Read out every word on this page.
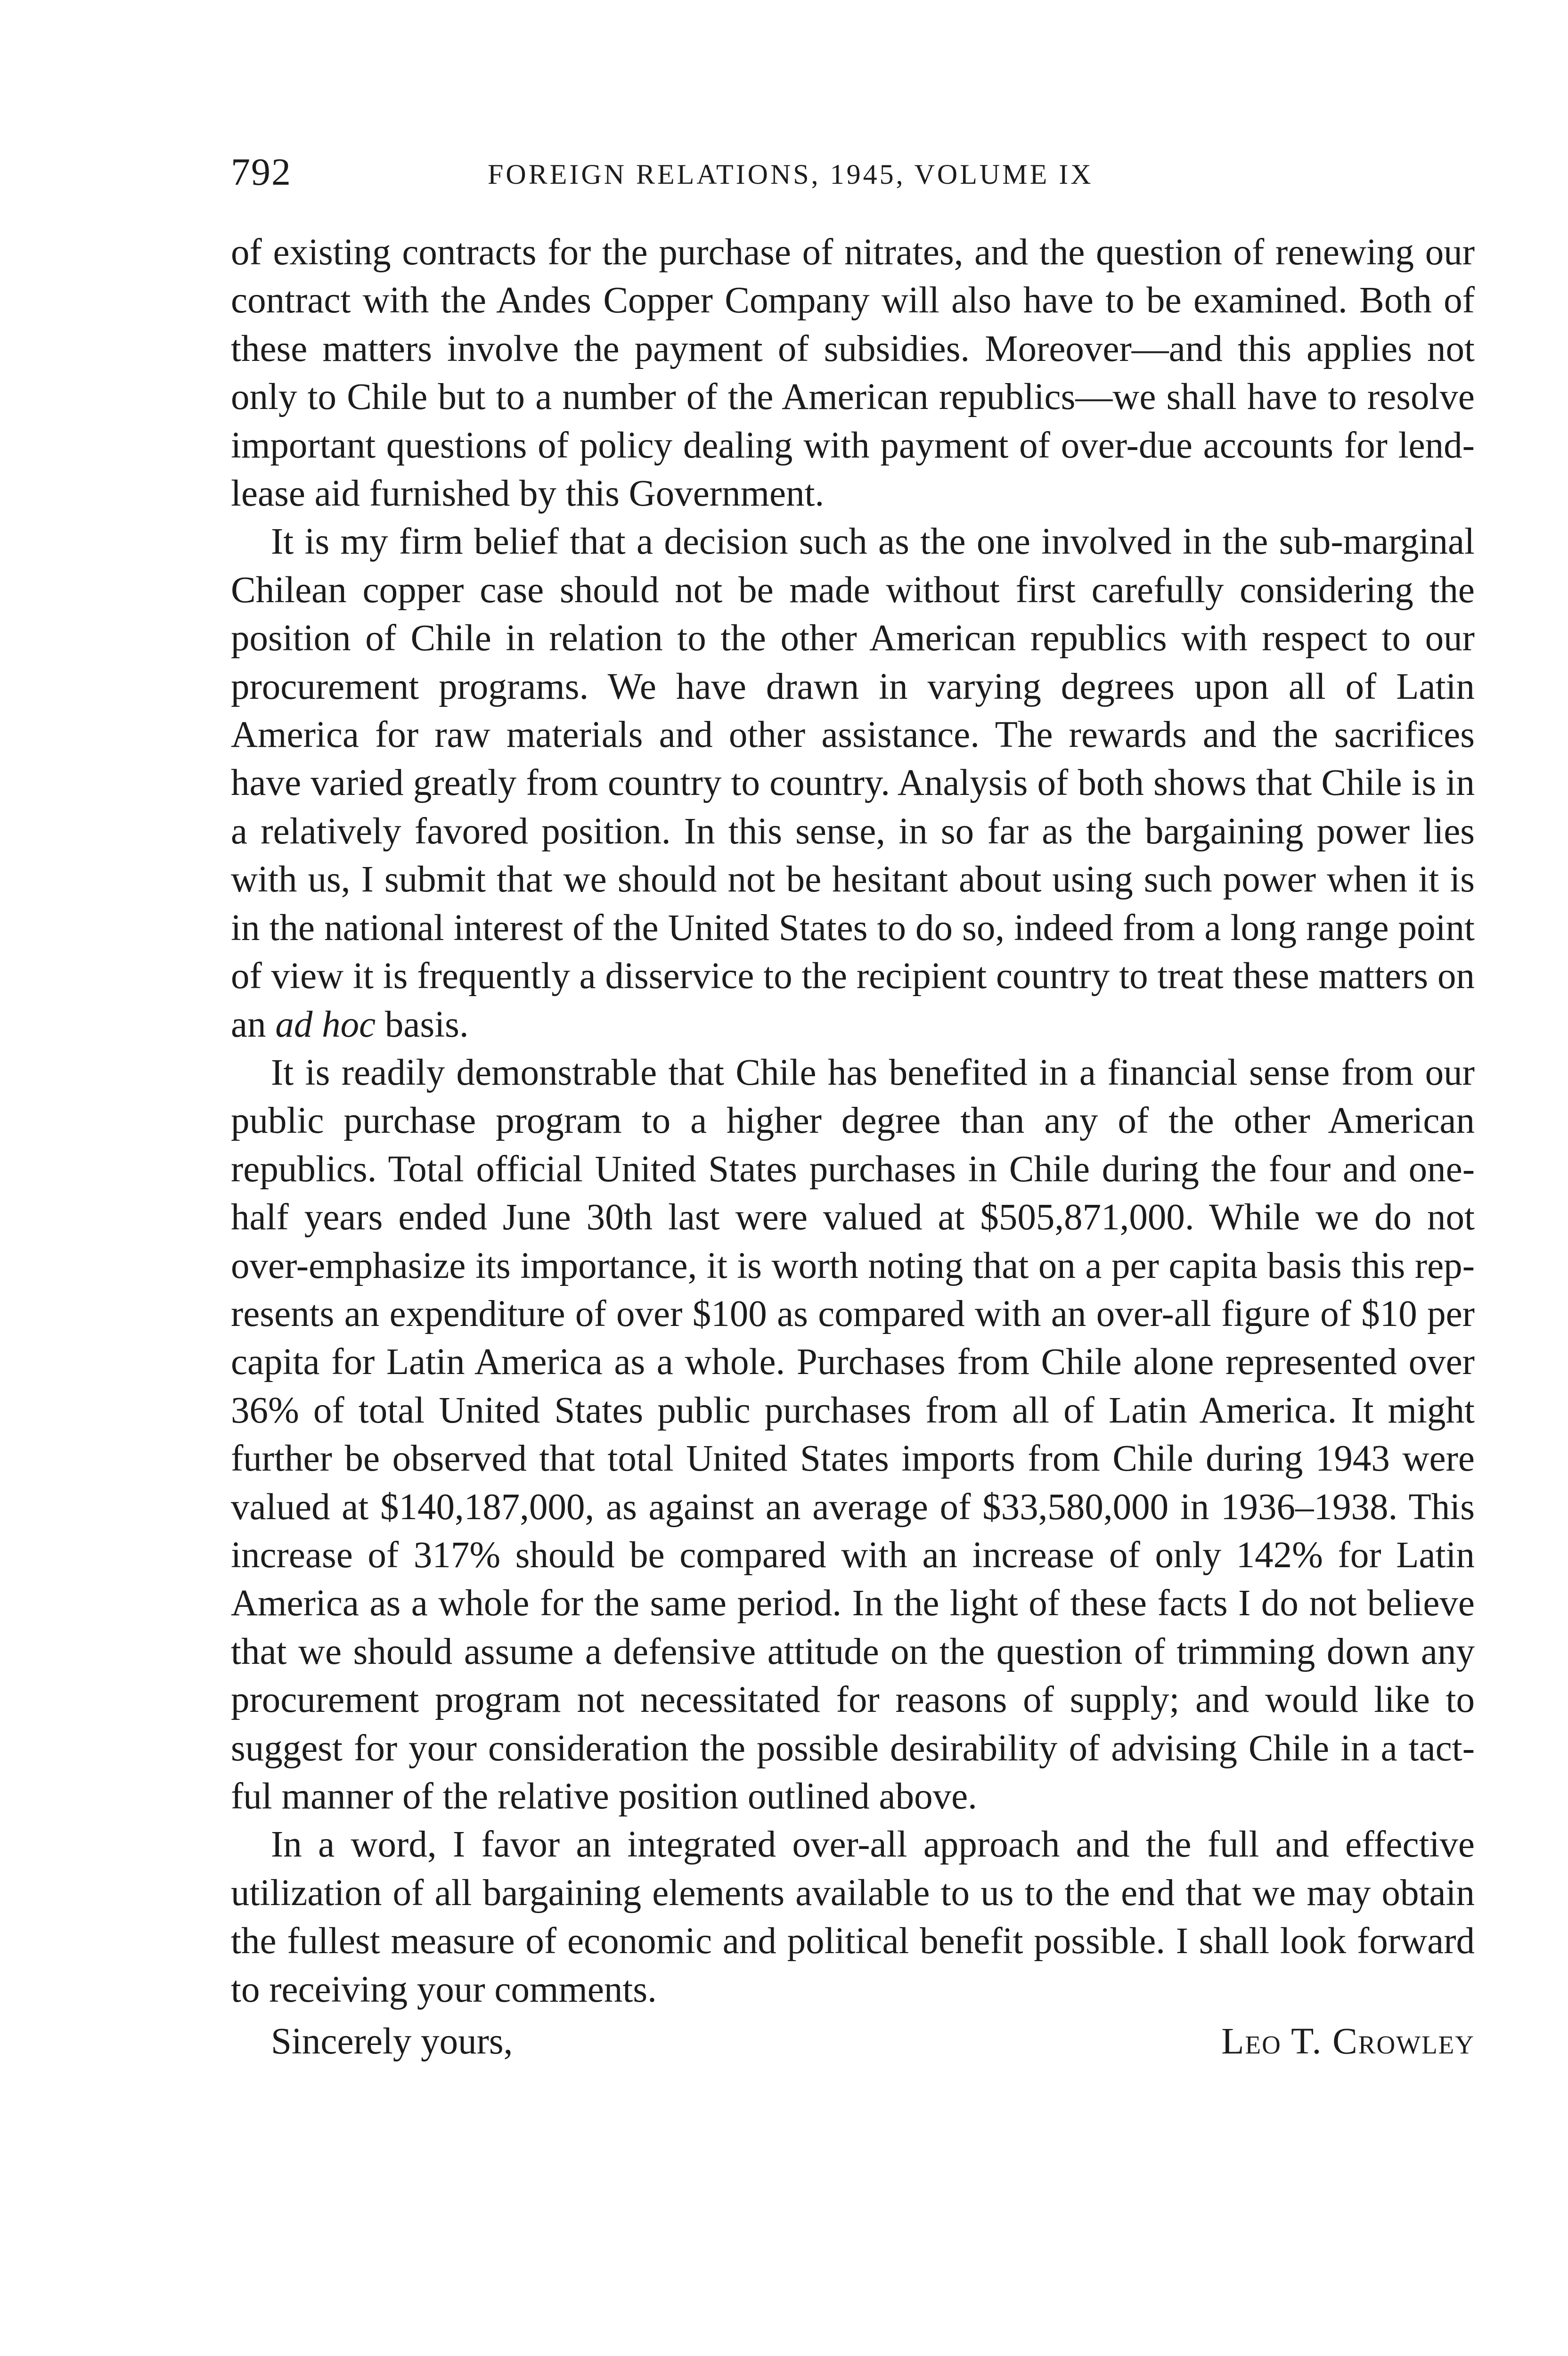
792	FOREIGN RELATIONS, 1945, VOLUME IX

of existing contracts for the purchase of nitrates, and the question of renewing our contract with the Andes Copper Company will also have to be examined. Both of these matters involve the payment of subsidies. Moreover—and this applies not only to Chile but to a number of the American republics—we shall have to resolve important questions of policy dealing with payment of over-due accounts for lend-lease aid furnished by this Government.

It is my firm belief that a decision such as the one involved in the sub-marginal Chilean copper case should not be made without first carefully considering the position of Chile in relation to the other American republics with respect to our procurement programs. We have drawn in varying degrees upon all of Latin America for raw materials and other assistance. The rewards and the sacrifices have varied greatly from country to country. Analysis of both shows that Chile is in a relatively favored position. In this sense, in so far as the bargaining power lies with us, I submit that we should not be hesitant about using such power when it is in the national interest of the United States to do so, indeed from a long range point of view it is frequently a disservice to the recipient country to treat these matters on an ad hoc basis.

It is readily demonstrable that Chile has benefited in a financial sense from our public purchase program to a higher degree than any of the other American republics. Total official United States purchases in Chile during the four and one-half years ended June 30th last were valued at $505,871,000. While we do not over-emphasize its importance, it is worth noting that on a per capita basis this represents an expenditure of over $100 as compared with an over-all figure of $10 per capita for Latin America as a whole. Purchases from Chile alone represented over 36% of total United States public purchases from all of Latin America. It might further be observed that total United States imports from Chile during 1943 were valued at $140,187,000, as against an average of $33,580,000 in 1936–1938. This increase of 317% should be compared with an increase of only 142% for Latin America as a whole for the same period. In the light of these facts I do not believe that we should assume a defensive attitude on the question of trimming down any procurement program not necessitated for reasons of supply; and would like to suggest for your consideration the possible desirability of advising Chile in a tactful manner of the relative position outlined above.

In a word, I favor an integrated over-all approach and the full and effective utilization of all bargaining elements available to us to the end that we may obtain the fullest measure of economic and political benefit possible. I shall look forward to receiving your comments.

Sincerely yours,	Leo T. Crowley
